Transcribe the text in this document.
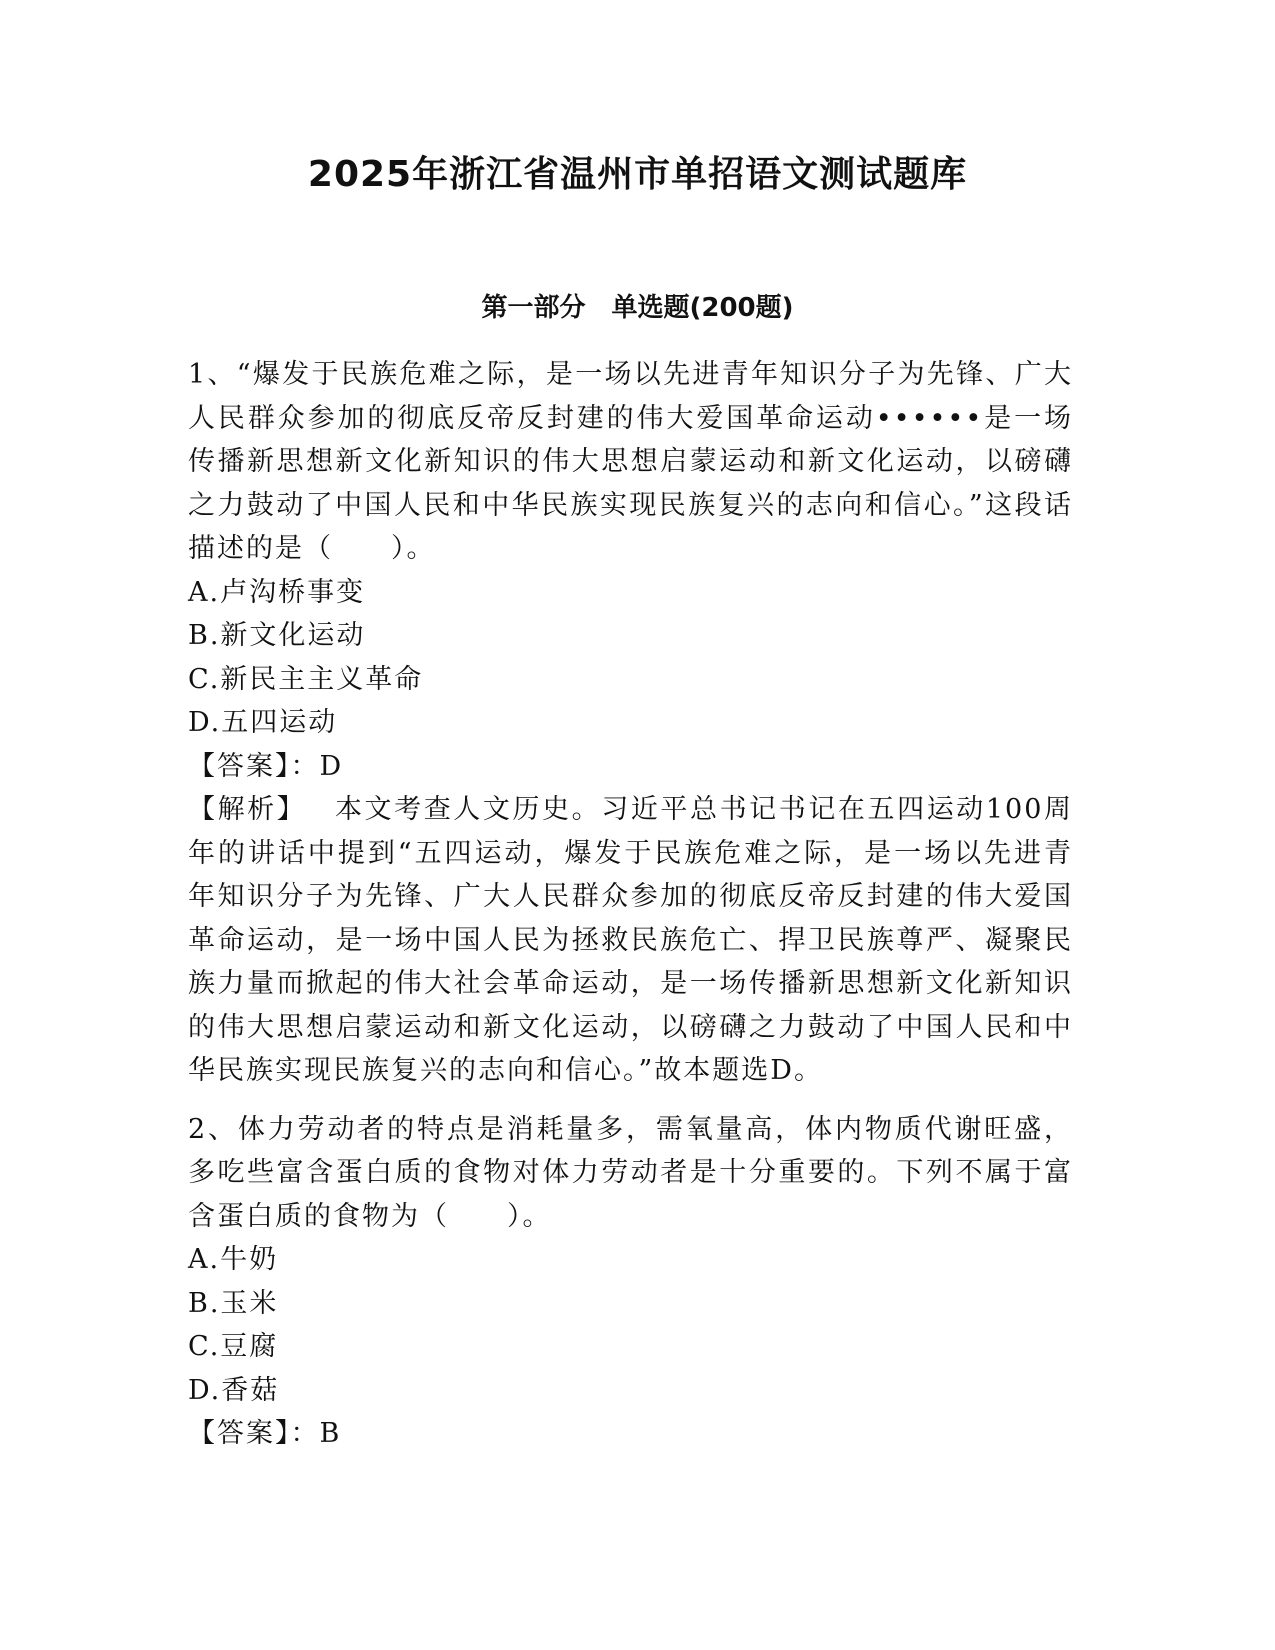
2025年浙江省温州市单招语文测试题库
第一部分　单选题(200题)
1、“爆发于民族危难之际，是一场以先进青年知识分子为先锋、广大人民群众参加的彻底反帝反封建的伟大爱国革命运动••••••是一场传播新思想新文化新知识的伟大思想启蒙运动和新文化运动，以磅礴之力鼓动了中国人民和中华民族实现民族复兴的志向和信心。”这段话描述的是（　　）。
A.卢沟桥事变
B.新文化运动
C.新民主主义革命
D.五四运动
【答案】：D
【解析】 本文考查人文历史。习近平总书记书记在五四运动100周年的讲话中提到“五四运动，爆发于民族危难之际，是一场以先进青年知识分子为先锋、广大人民群众参加的彻底反帝反封建的伟大爱国革命运动，是一场中国人民为拯救民族危亡、捍卫民族尊严、凝聚民族力量而掀起的伟大社会革命运动，是一场传播新思想新文化新知识的伟大思想启蒙运动和新文化运动，以磅礴之力鼓动了中国人民和中华民族实现民族复兴的志向和信心。”故本题选D。
2、体力劳动者的特点是消耗量多，需氧量高，体内物质代谢旺盛，多吃些富含蛋白质的食物对体力劳动者是十分重要的。下列不属于富含蛋白质的食物为（　　）。
A.牛奶
B.玉米
C.豆腐
D.香菇
【答案】：B
